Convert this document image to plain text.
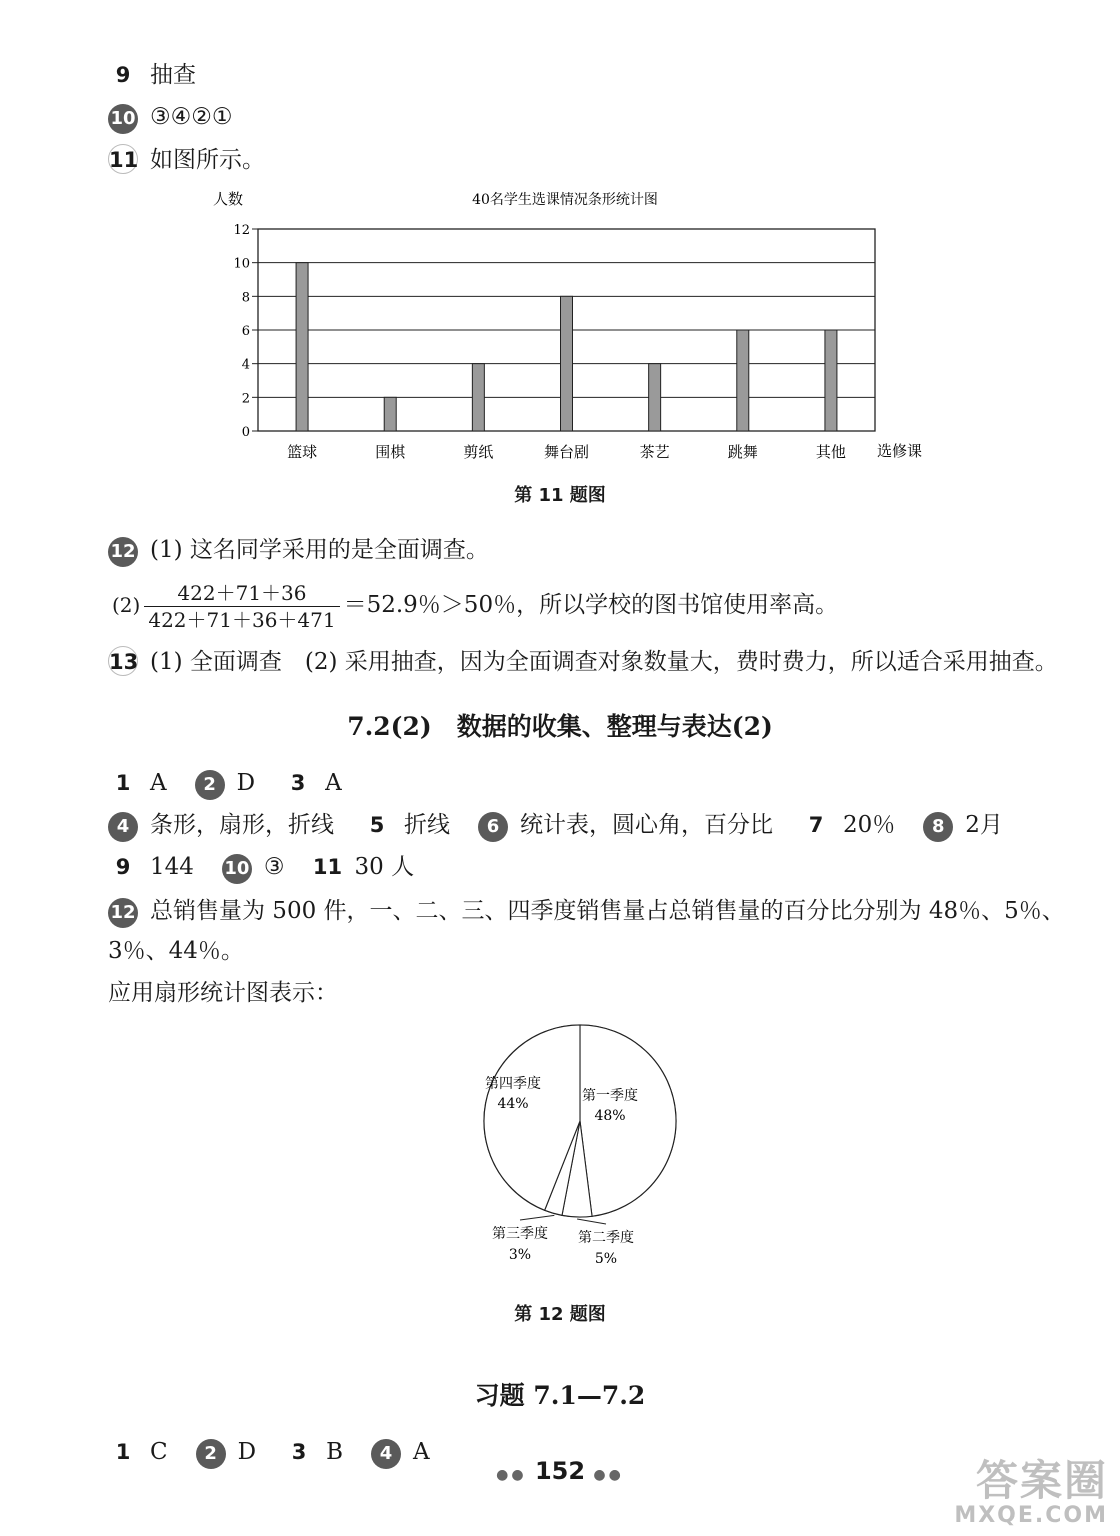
9 抽查
10 ③④②①
11 如图所示。
人数	40名学生选课情况条形统计图
0
2
4
6
8
10
12
篮球	围棋	剪纸	舞台剧	茶艺	跳舞	其他 选修课
第 11 题图
12 (1) 这名同学采用的是全面调查。
$(2) \frac{422+71+36}{422+71+36+471} =52.9$％＞50％，所以学校的图书馆使用率高。
13 (1) 全面调查　(2) 采用抽查，因为全面调查对象数量大，费时费力，所以适合采用抽查。
7.2(2)　数据的收集、整理与表达(2)
1 A 2 D 3 A
4 条形，扇形，折线 5 折线 6 统计表，圆心角，百分比 7 20％ 8 2月
9 144 10 ③ 11 30 人
12 总销售量为 500 件，一、二、三、四季度销售量占总销售量的百分比分别为 48％、5％、
3％、44％。
应用扇形统计图表示：
第一季度
48%
第二季度
5%
第三季度
3%
第四季度
44%
第 12 题图
习题 7.1—7.2
1 C 2 D 3 B 4 A
●● 152 ●●	答案圈
MXQE.COM
